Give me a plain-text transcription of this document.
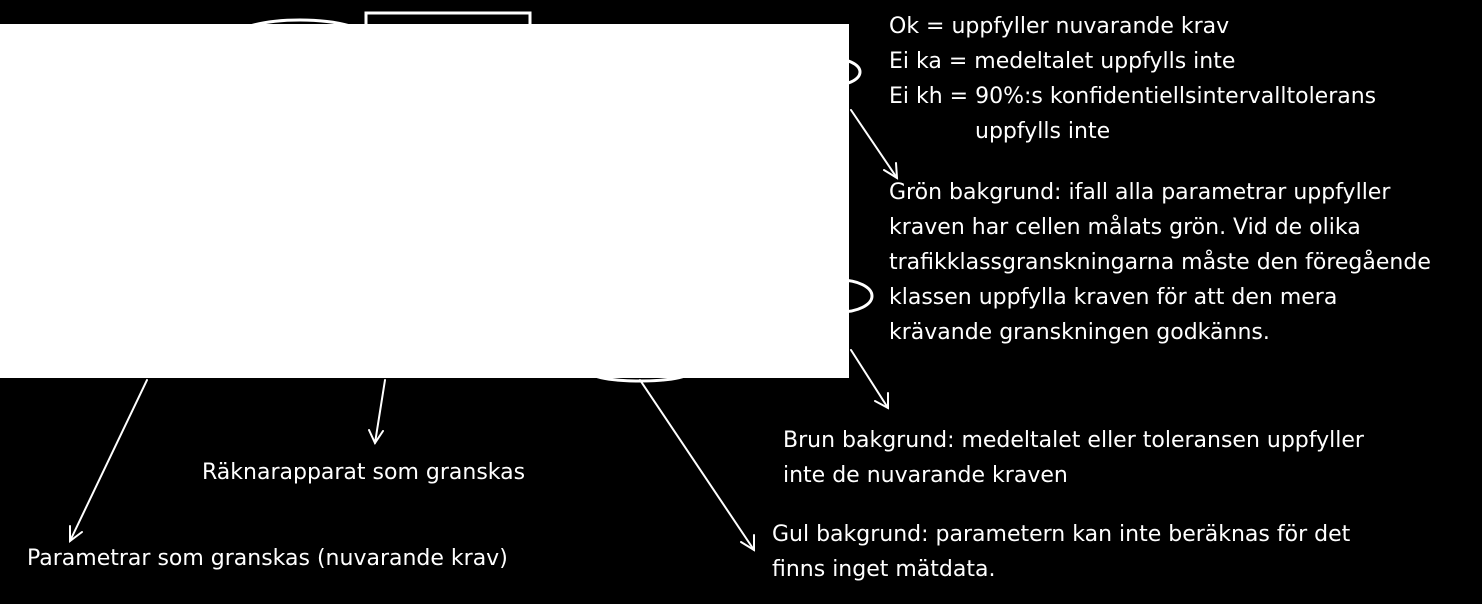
Ok = uppfyller nuvarande krav
Ei ka = medeltalet uppfylls inte
Ei kh = 90%:s konfidentiellsintervalltolerans
uppfylls inte
Grön bakgrund: ifall alla parametrar uppfyller
kraven har cellen målats grön. Vid de olika
trafikklassgranskningarna måste den föregående
klassen uppfylla kraven för att den mera
krävande granskningen godkänns.
Brun bakgrund: medeltalet eller toleransen uppfyller
inte de nuvarande kraven
Gul bakgrund: parametern kan inte beräknas för det
finns inget mätdata.
Räknarapparat som granskas
Parametrar som granskas (nuvarande krav)
